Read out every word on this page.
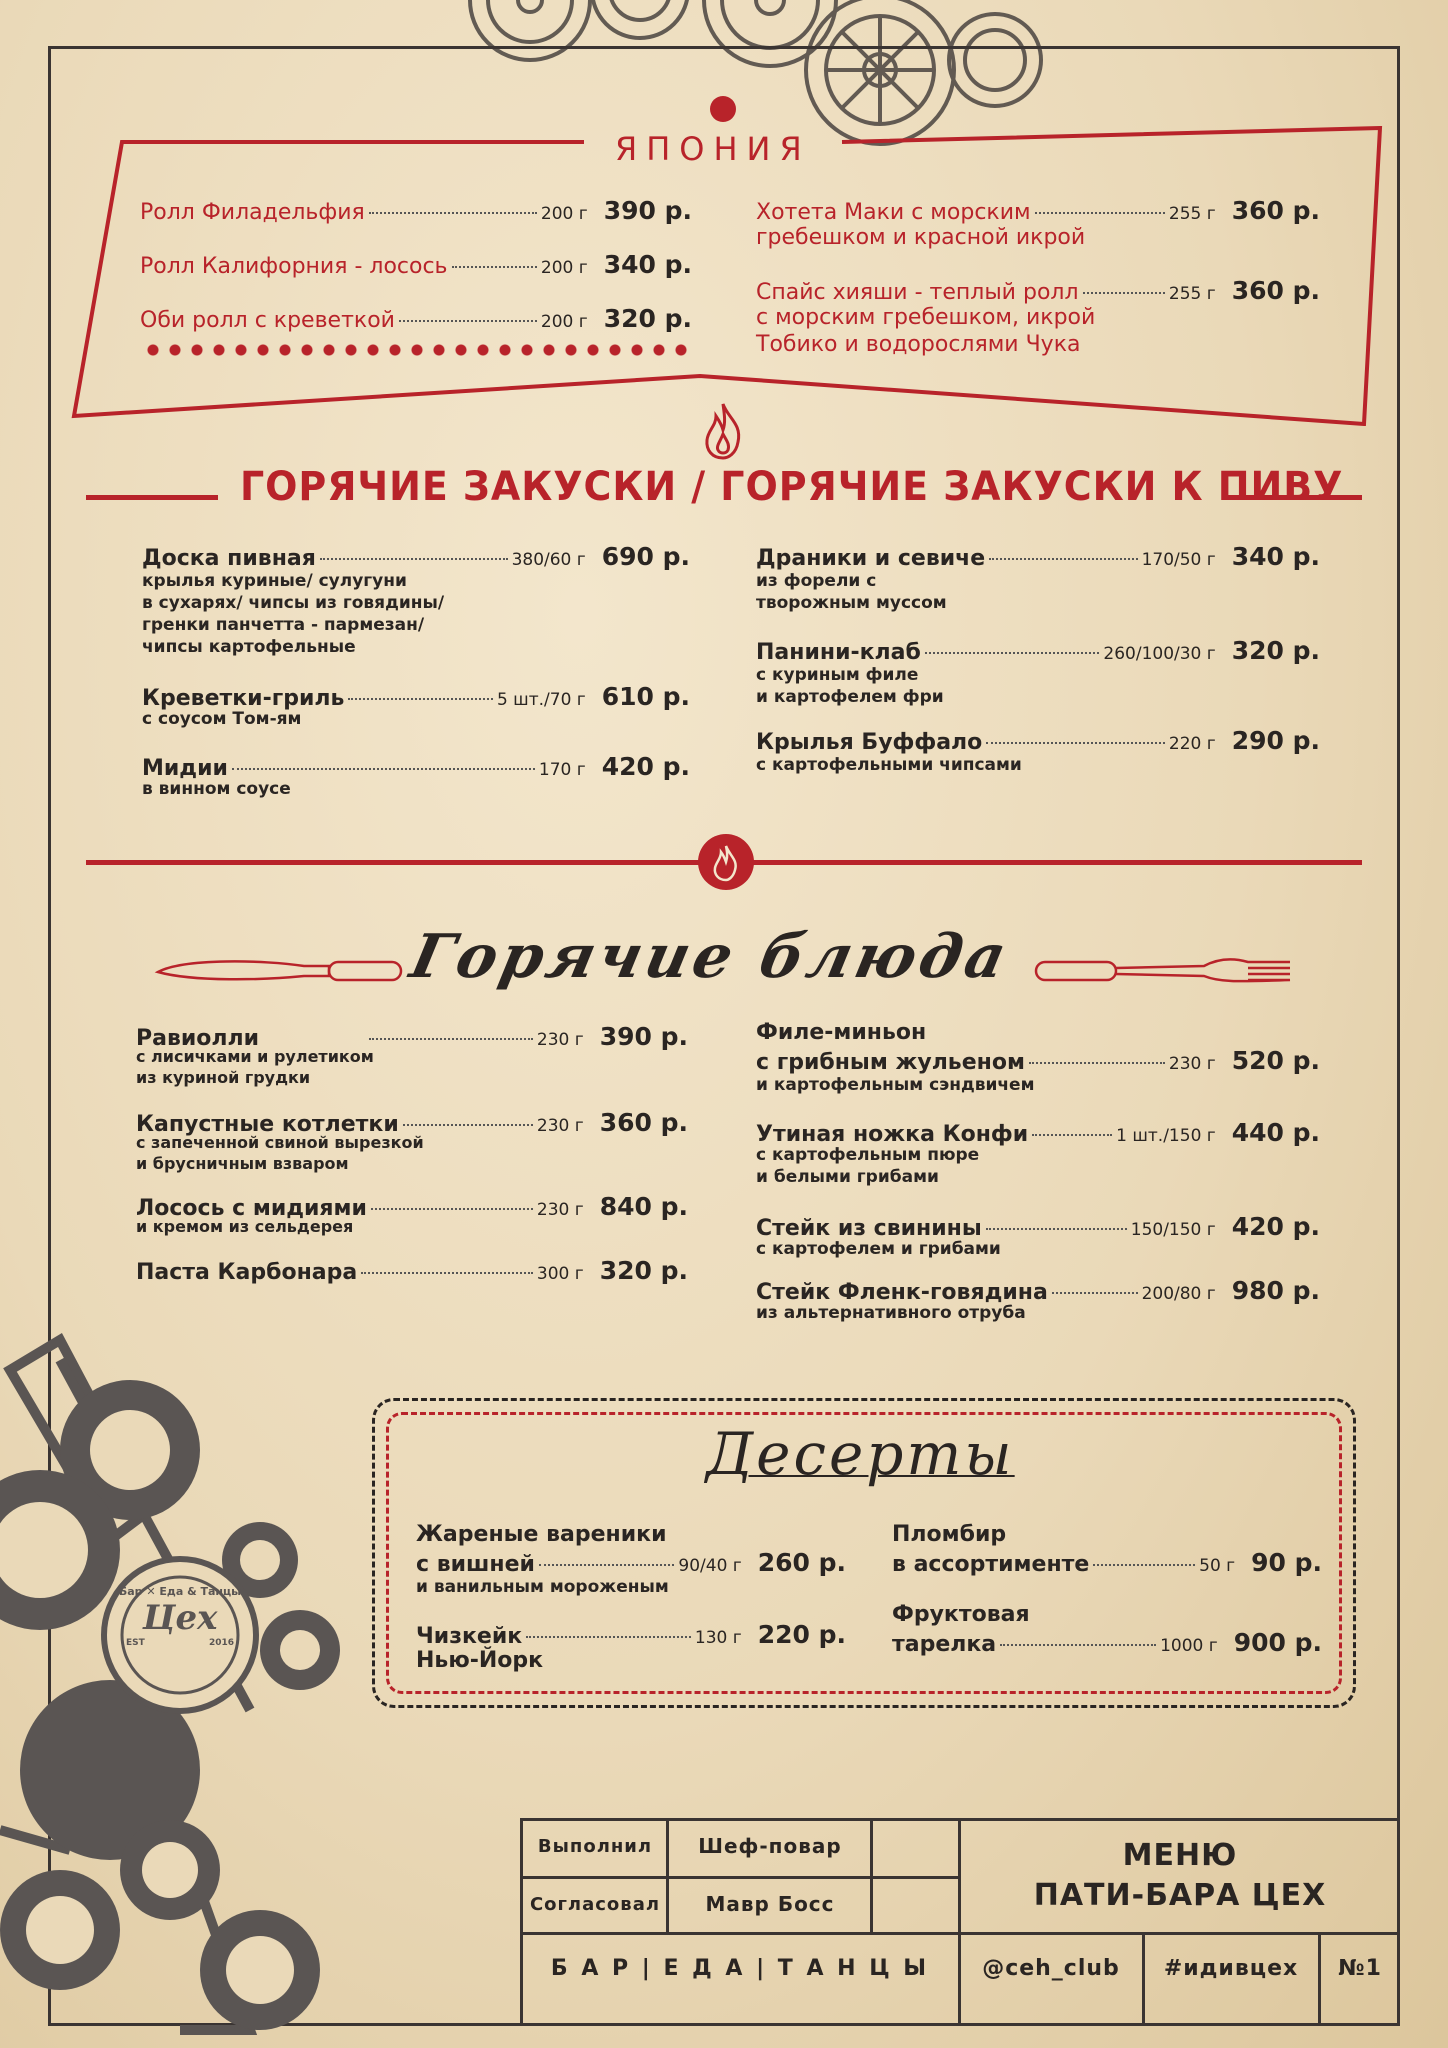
ЯПОНИЯ
Ролл Филадельфия	200 г 390 р.
Ролл Калифорния - лосось	200 г 340 р.
Оби ролл с креветкой	200 г 320 р.
Хотета Маки с морским	255 г 360 р.
гребешком и красной икрой
Спайс хияши - теплый ролл	255 г 360 р.
с морским гребешком, икрой
Тобико и водорослями Чука
ГОРЯЧИЕ ЗАКУСКИ / ГОРЯЧИЕ ЗАКУСКИ К ПИВУ
Доска пивная	380/60 г 690 р.
крылья куриные/ сулугуни
в сухарях/ чипсы из говядины/
гренки панчетта - пармезан/
чипсы картофельные
Креветки-гриль	5 шт./70 г 610 р.
с соусом Том-ям
Мидии	170 г 420 р.
в винном соусе
Драники и севиче	170/50 г 340 р.
из форели с
творожным муссом
Панини-клаб	260/100/30 г 320 р.
с куриным филе
и картофелем фри
Крылья Буффало	220 г 290 р.
с картофельными чипсами
Горячие блюда
Равиолли	230 г 390 р.
с лисичками и рулетиком
из куриной грудки
Капустные котлетки	230 г 360 р.
с запеченной свиной вырезкой
и брусничным взваром
Лосось с мидиями	230 г 840 р.
и кремом из сельдерея
Паста Карбонара	300 г 320 р.
Филе-миньон
с грибным жульеном	230 г 520 р.
и картофельным сэндвичем
Утиная ножка Конфи	1 шт./150 г 440 р.
с картофельным пюре
и белыми грибами
Стейк из свинины	150/150 г 420 р.
с картофелем и грибами
Стейк Фленк-говядина	200/80 г 980 р.
из альтернативного отруба
Десерты
Жареные вареники
с вишней	90/40 г 260 р.
и ванильным мороженым
Чизкейк	130 г 220 р.
Нью-Йорк
Пломбир
в ассортименте	50 г 90 р.
Фруктовая
тарелка	1000 г 900 р.
Бар ✕ Еда & Танцы
Цех
EST	2016
Выполнил	Шеф-повар
Согласовал	Мавр Босс
МЕНЮ
ПАТИ-БАРА ЦЕХ
Б А Р | Е Д А | Т А Н Ц Ы	@ceh_club	#идивцех	№1
